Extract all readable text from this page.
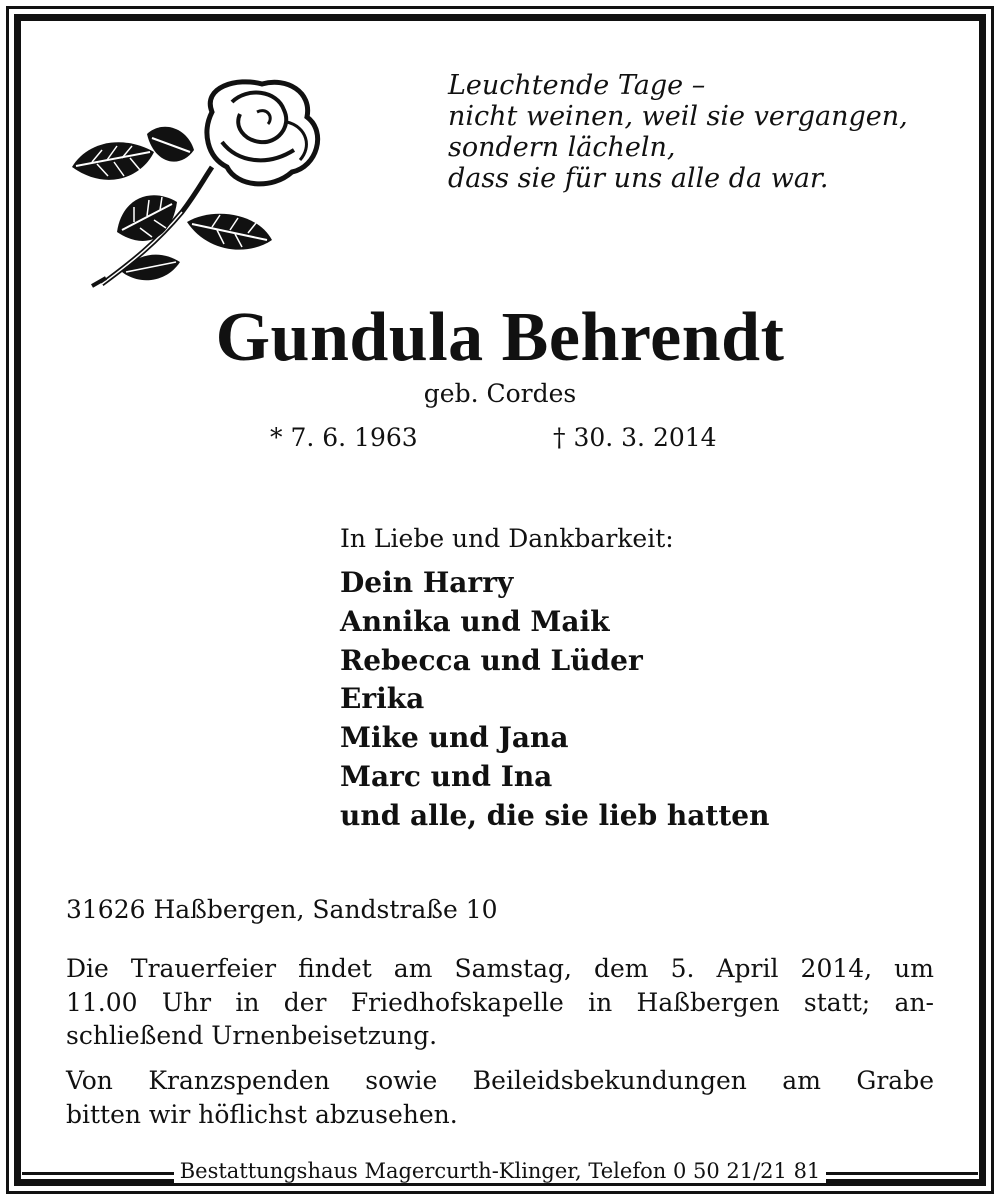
Leuchtende Tage –
nicht weinen, weil sie vergangen,
sondern lächeln,
dass sie für uns alle da war.
Gundula Behrendt
geb. Cordes
* 7. 6. 1963	† 30. 3. 2014
In Liebe und Dankbarkeit:
Dein Harry
Annika und Maik
Rebecca und Lüder
Erika
Mike und Jana
Marc und Ina
und alle, die sie lieb hatten
31626 Haßbergen, Sandstraße 10
Die Trauerfeier findet am Samstag, dem 5. April 2014, um
11.00 Uhr in der Friedhofskapelle in Haßbergen statt; an-
schließend Urnenbeisetzung.
Von Kranzspenden sowie Beileidsbekundungen am Grabe
bitten wir höflichst abzusehen.
Bestattungshaus Magercurth-Klinger, Telefon 0 50 21/21 81
